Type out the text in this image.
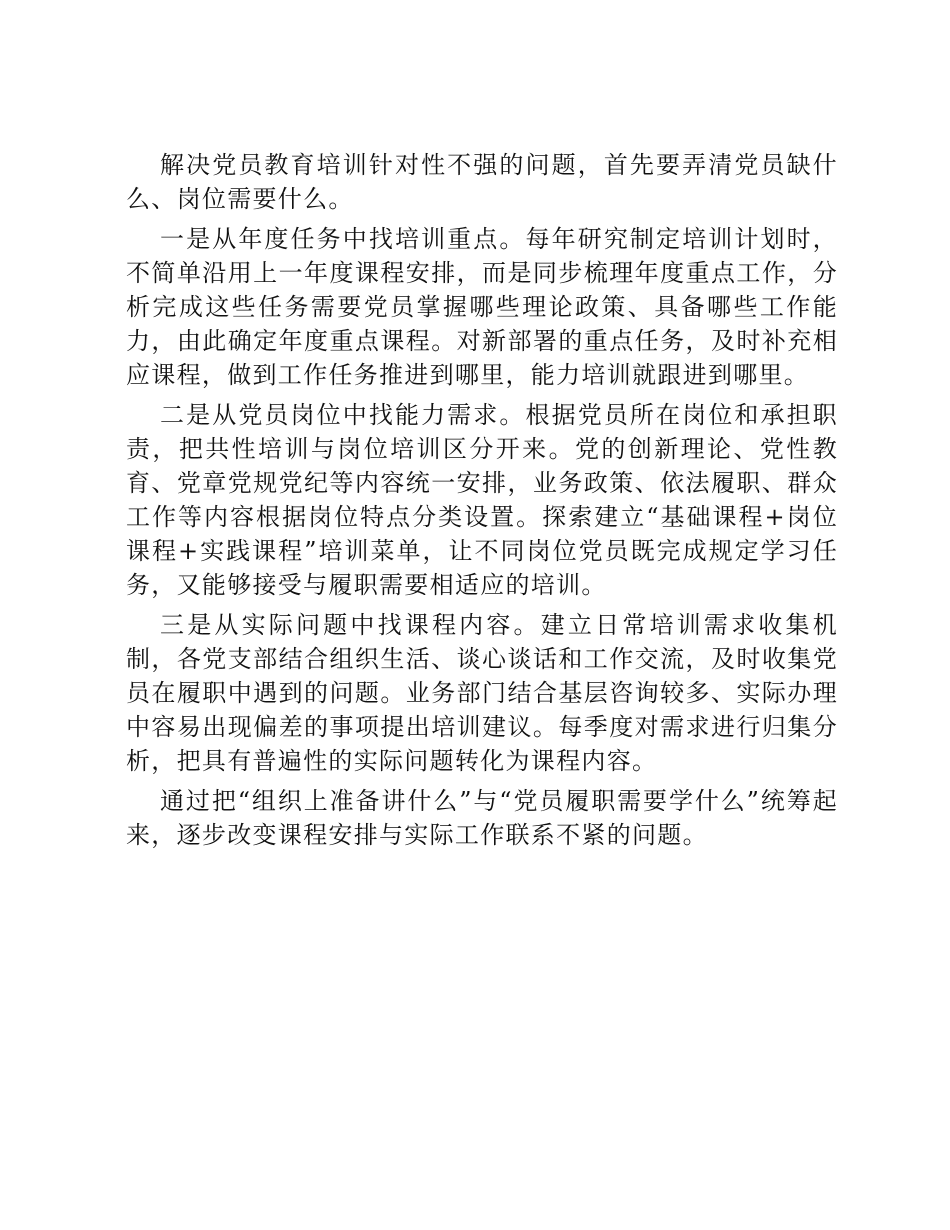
解决党员教育培训针对性不强的问题，首先要弄清党员缺什么、岗位需要什么。

一是从年度任务中找培训重点。每年研究制定培训计划时，不简单沿用上一年度课程安排，而是同步梳理年度重点工作，分析完成这些任务需要党员掌握哪些理论政策、具备哪些工作能力，由此确定年度重点课程。对新部署的重点任务，及时补充相应课程，做到工作任务推进到哪里，能力培训就跟进到哪里。

二是从党员岗位中找能力需求。根据党员所在岗位和承担职责，把共性培训与岗位培训区分开来。党的创新理论、党性教育、党章党规党纪等内容统一安排，业务政策、依法履职、群众工作等内容根据岗位特点分类设置。探索建立“基础课程+岗位课程+实践课程”培训菜单，让不同岗位党员既完成规定学习任务，又能够接受与履职需要相适应的培训。

三是从实际问题中找课程内容。建立日常培训需求收集机制，各党支部结合组织生活、谈心谈话和工作交流，及时收集党员在履职中遇到的问题。业务部门结合基层咨询较多、实际办理中容易出现偏差的事项提出培训建议。每季度对需求进行归集分析，把具有普遍性的实际问题转化为课程内容。

通过把“组织上准备讲什么”与“党员履职需要学什么”统筹起来，逐步改变课程安排与实际工作联系不紧的问题。
